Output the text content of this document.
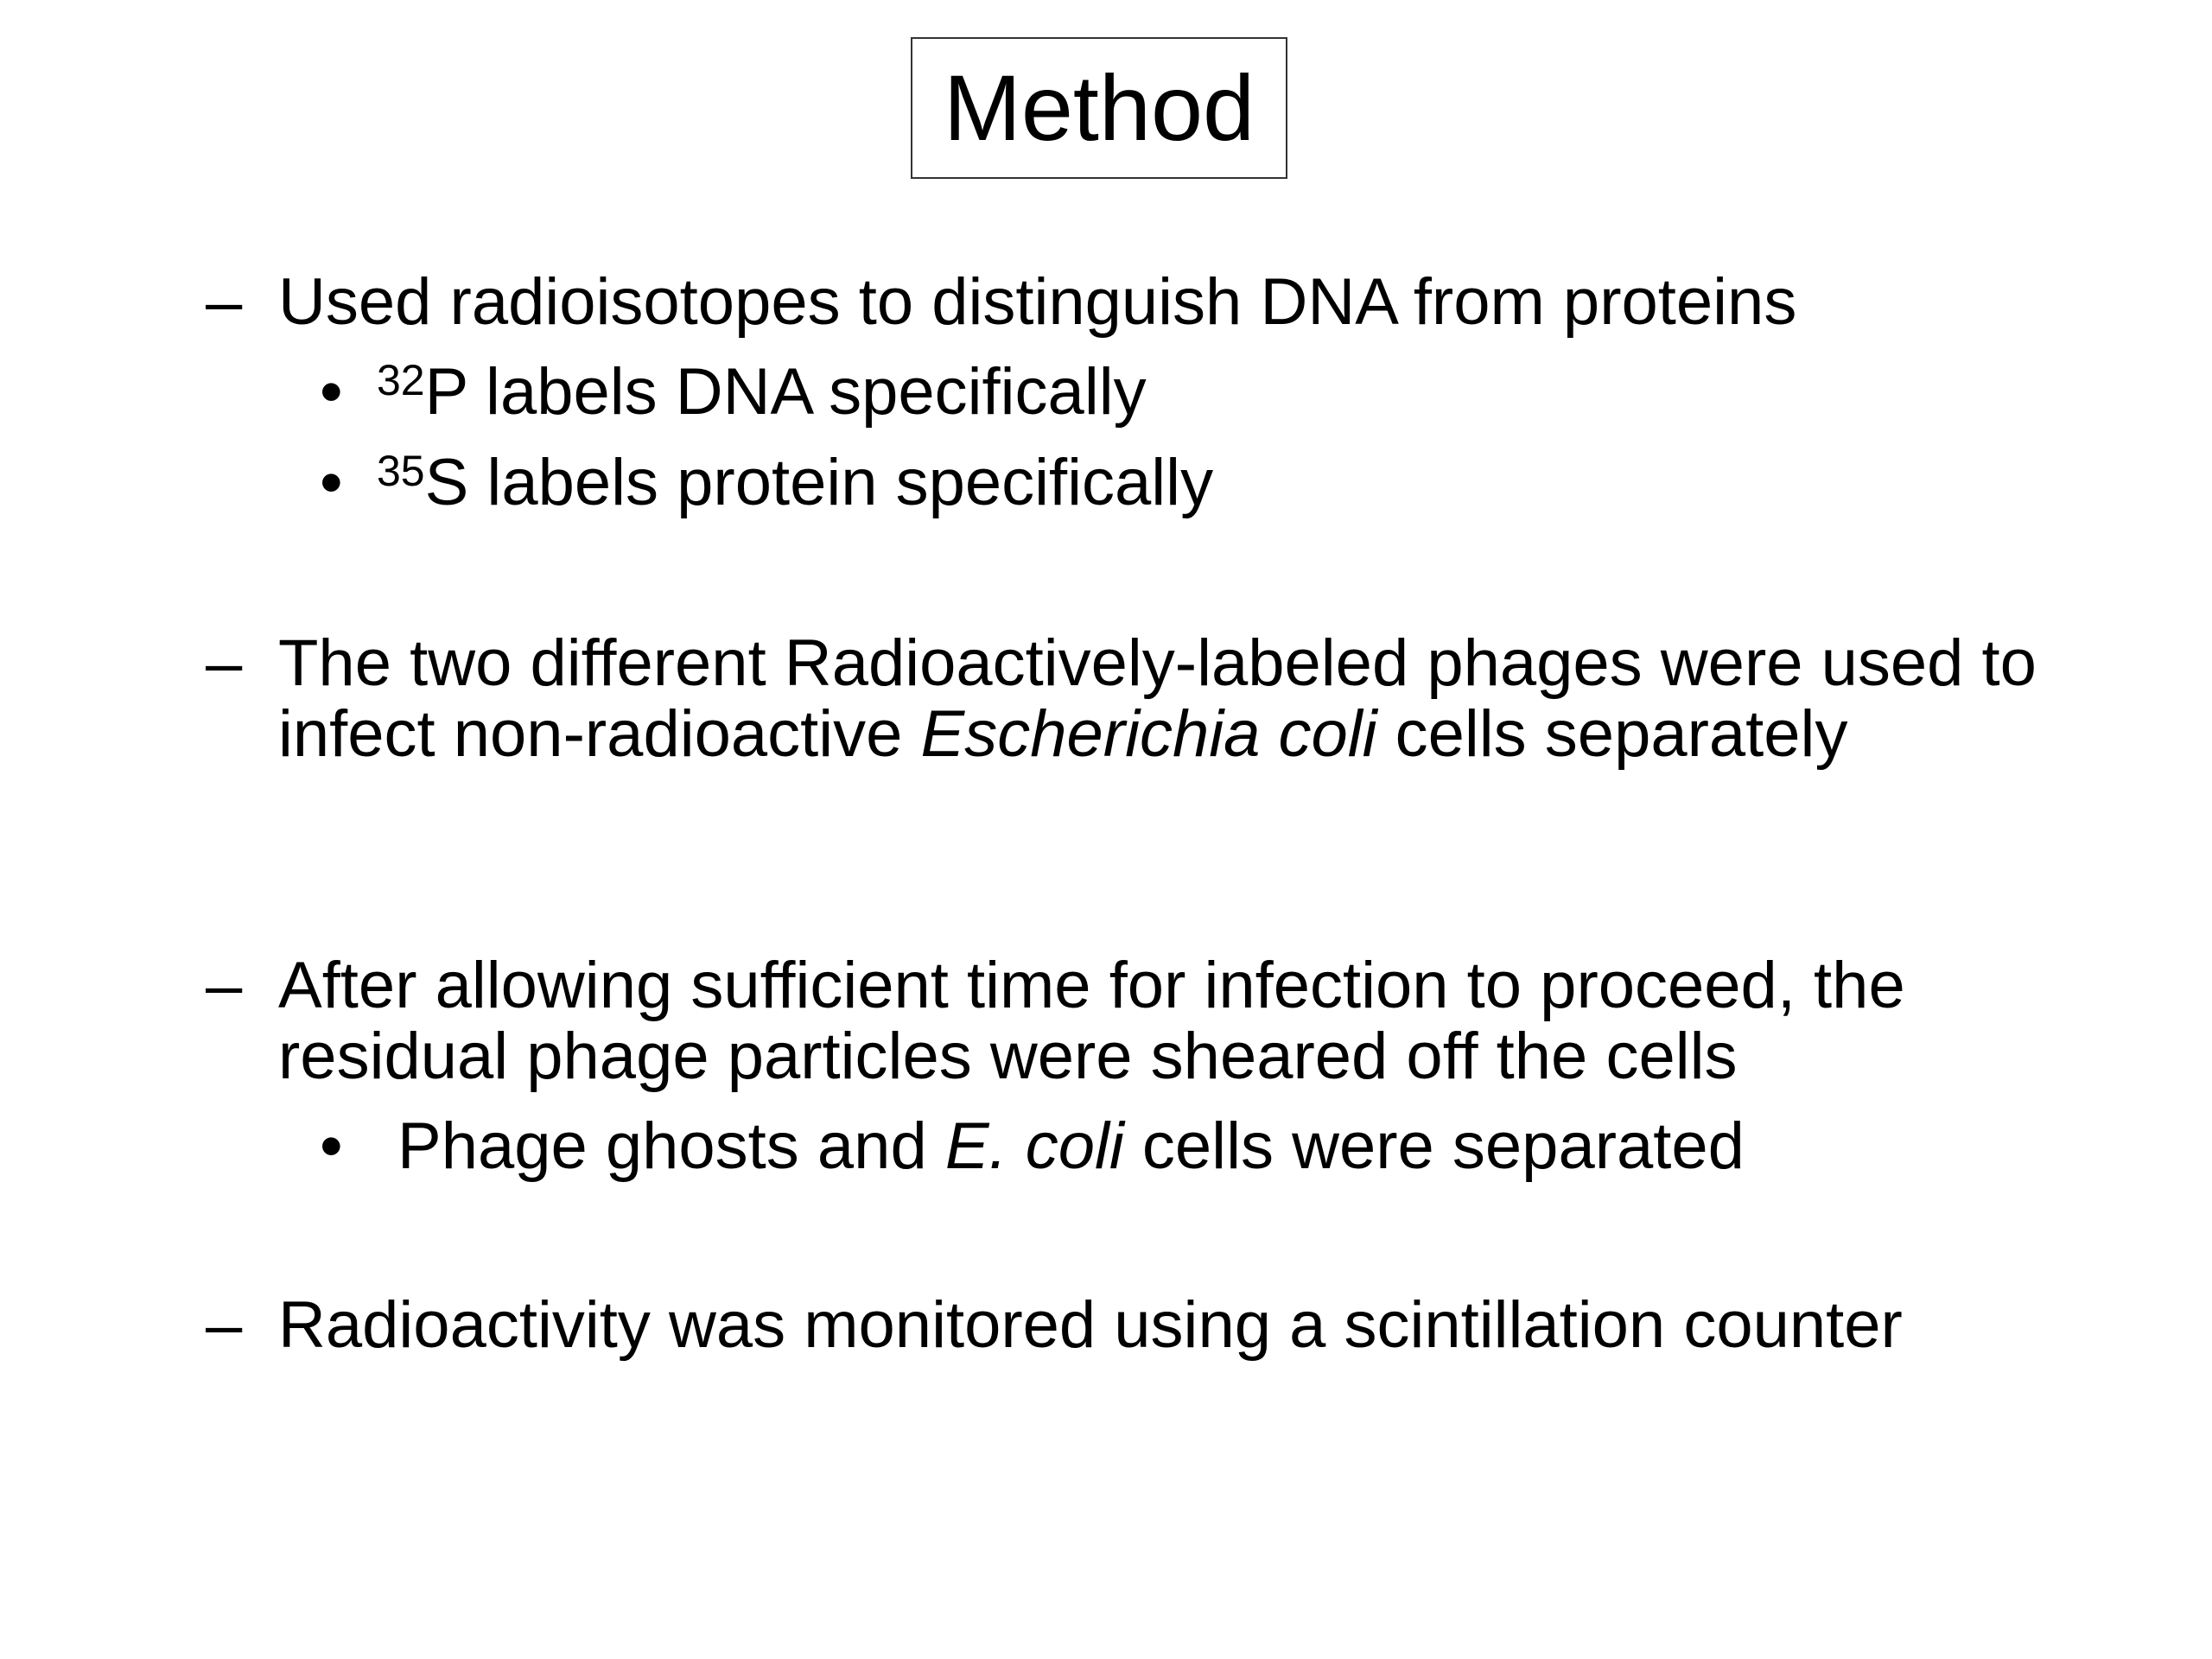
Method
– Used radioisotopes to distinguish DNA from proteins
• $^{32}$P labels DNA specifically
• $^{35}$S labels protein specifically
– The two different Radioactively-labeled phages were used to infect non-radioactive Escherichia coli cells separately
– After allowing sufficient time for infection to proceed, the residual phage particles were sheared off the cells
• Phage ghosts and E. coli cells were separated
– Radioactivity was monitored using a scintillation counter
